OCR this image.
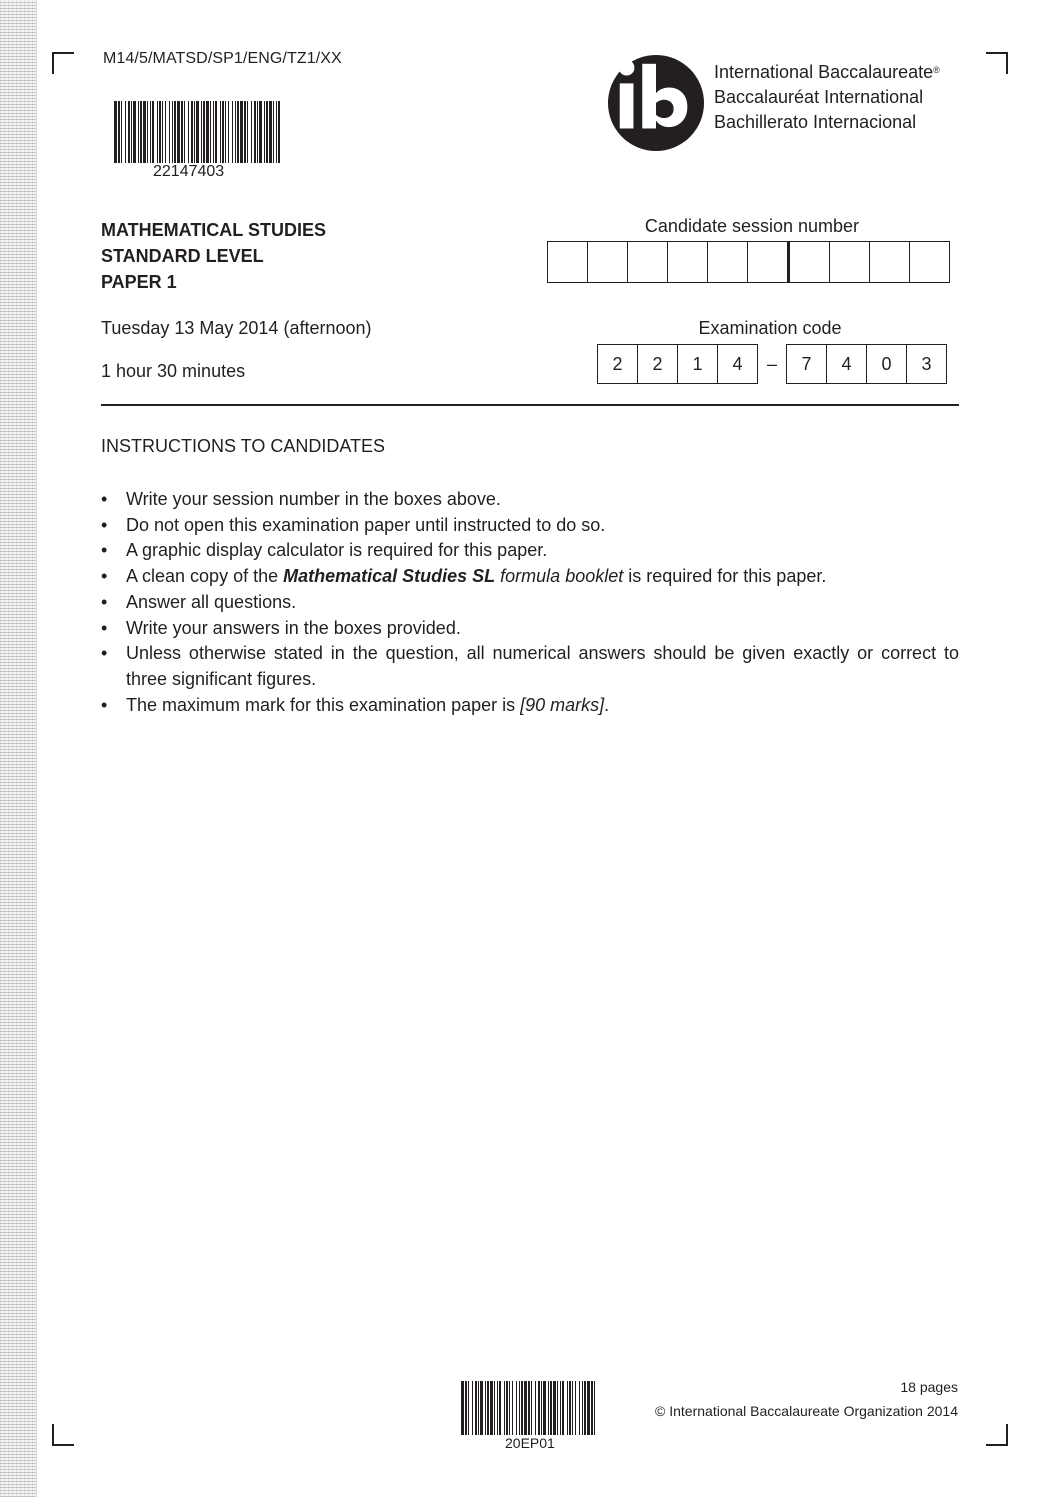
M14/5/MATSD/SP1/ENG/TZ1/XX
22147403
International Baccalaureate®
Baccalauréat International
Bachillerato Internacional
MATHEMATICAL STUDIES
STANDARD LEVEL
PAPER 1
Candidate session number
Tuesday 13 May 2014 (afternoon)
1 hour 30 minutes
Examination code
2	2	1	4	–	7	4	0	3
INSTRUCTIONS TO CANDIDATES
• Write your session number in the boxes above.
• Do not open this examination paper until instructed to do so.
• A graphic display calculator is required for this paper.
• A clean copy of the Mathematical Studies SL formula booklet is required for this paper.
• Answer all questions.
• Write your answers in the boxes provided.
• Unless otherwise stated in the question, all numerical answers should be given exactly or correct to three significant figures.
• The maximum mark for this examination paper is [90 marks].
20EP01
18 pages
© International Baccalaureate Organization 2014
